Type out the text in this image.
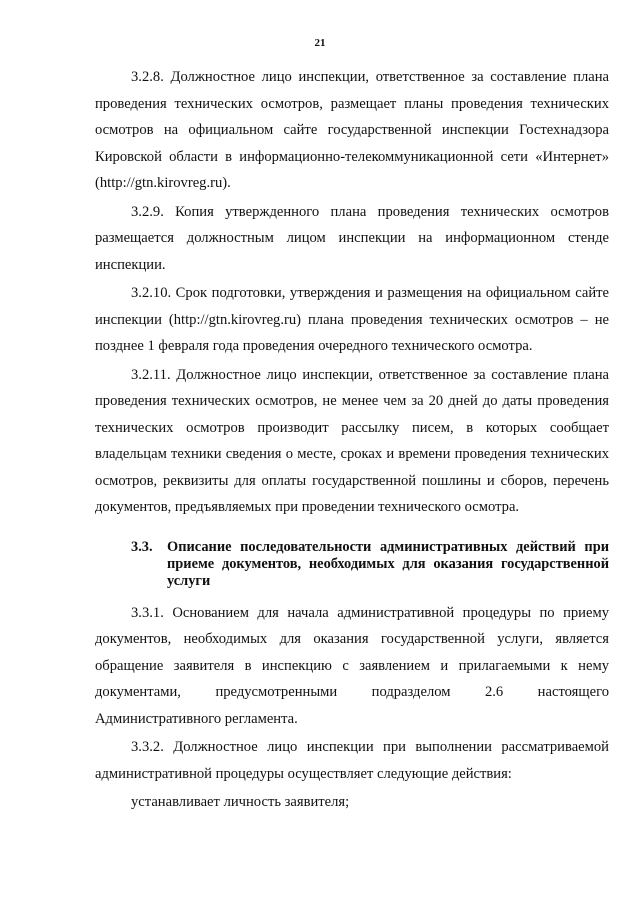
21

3.2.8. Должностное лицо инспекции, ответственное за составление плана проведения технических осмотров, размещает планы проведения технических осмотров на официальном сайте государственной инспекции Гостехнадзора Кировской области в информационно-телекоммуникационной сети «Интернет» (http://gtn.kirovreg.ru).

3.2.9. Копия утвержденного плана проведения технических осмотров размещается должностным лицом инспекции на информационном стенде инспекции.

3.2.10. Срок подготовки, утверждения и размещения на официальном сайте инспекции (http://gtn.kirovreg.ru) плана проведения технических осмотров – не позднее 1 февраля года проведения очередного технического осмотра.

3.2.11. Должностное лицо инспекции, ответственное за составление плана проведения технических осмотров, не менее чем за 20 дней до даты проведения технических осмотров производит рассылку писем, в которых сообщает владельцам техники сведения о месте, сроках и времени проведения технических осмотров, реквизиты для оплаты государственной пошлины и сборов, перечень документов, предъявляемых при проведении технического осмотра.

3.3.	Описание последовательности административных действий при приеме документов, необходимых для оказания государственной услуги

3.3.1. Основанием для начала административной процедуры по приему документов, необходимых для оказания государственной услуги, является обращение заявителя в инспекцию с заявлением и прилагаемыми к нему документами, предусмотренными подразделом 2.6 настоящего Административного регламента.

3.3.2. Должностное лицо инспекции при выполнении рассматриваемой административной процедуры осуществляет следующие действия:

устанавливает личность заявителя;
